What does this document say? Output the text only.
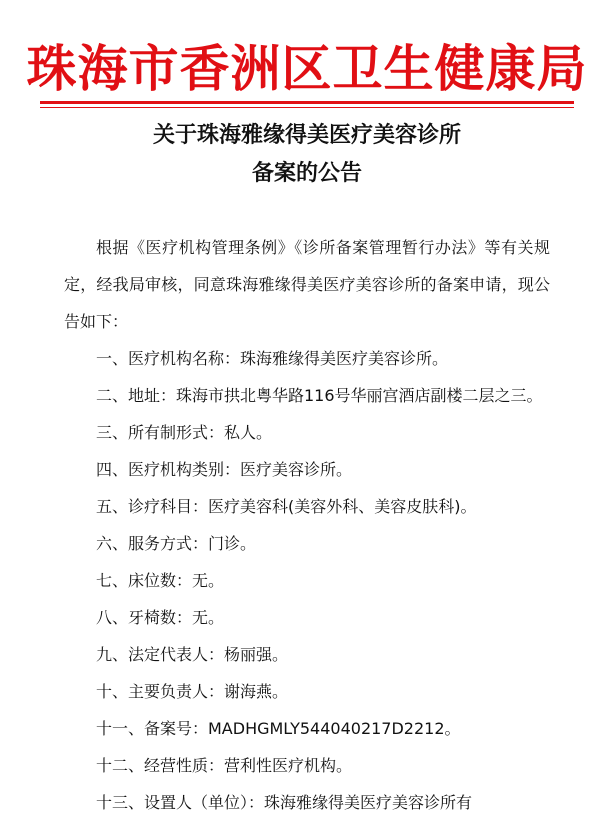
珠海市香洲区卫生健康局
关于珠海雅缘得美医疗美容诊所
备案的公告

根据《医疗机构管理条例》《诊所备案管理暂行办法》等有关规定，经我局审核，同意珠海雅缘得美医疗美容诊所的备案申请，现公告如下：

一、医疗机构名称：珠海雅缘得美医疗美容诊所。

二、地址：珠海市拱北粤华路116号华丽宫酒店副楼二层之三。

三、所有制形式：私人。

四、医疗机构类别：医疗美容诊所。

五、诊疗科目：医疗美容科(美容外科、美容皮肤科)。

六、服务方式：门诊。

七、床位数：无。

八、牙椅数：无。

九、法定代表人：杨丽强。

十、主要负责人：谢海燕。

十一、备案号：MADHGMLY544040217D2212。

十二、经营性质：营利性医疗机构。

十三、设置人（单位）：珠海雅缘得美医疗美容诊所有
